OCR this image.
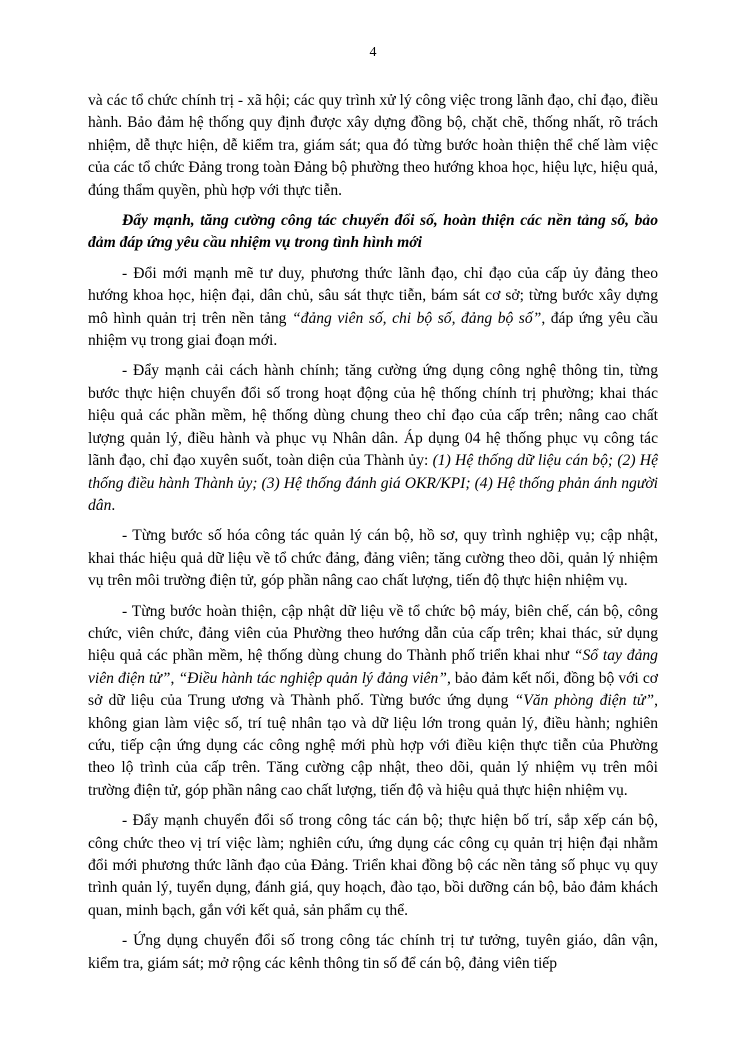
4

và các tổ chức chính trị - xã hội; các quy trình xử lý công việc trong lãnh đạo, chỉ đạo, điều hành. Bảo đảm hệ thống quy định được xây dựng đồng bộ, chặt chẽ, thống nhất, rõ trách nhiệm, dễ thực hiện, dễ kiểm tra, giám sát; qua đó từng bước hoàn thiện thể chế làm việc của các tổ chức Đảng trong toàn Đảng bộ phường theo hướng khoa học, hiệu lực, hiệu quả, đúng thẩm quyền, phù hợp với thực tiễn.

Đẩy mạnh, tăng cường công tác chuyển đổi số, hoàn thiện các nền tảng số, bảo đảm đáp ứng yêu cầu nhiệm vụ trong tình hình mới

- Đổi mới mạnh mẽ tư duy, phương thức lãnh đạo, chỉ đạo của cấp ủy đảng theo hướng khoa học, hiện đại, dân chủ, sâu sát thực tiễn, bám sát cơ sở; từng bước xây dựng mô hình quản trị trên nền tảng “đảng viên số, chi bộ số, đảng bộ số”, đáp ứng yêu cầu nhiệm vụ trong giai đoạn mới.

- Đẩy mạnh cải cách hành chính; tăng cường ứng dụng công nghệ thông tin, từng bước thực hiện chuyển đổi số trong hoạt động của hệ thống chính trị phường; khai thác hiệu quả các phần mềm, hệ thống dùng chung theo chỉ đạo của cấp trên; nâng cao chất lượng quản lý, điều hành và phục vụ Nhân dân. Áp dụng 04 hệ thống phục vụ công tác lãnh đạo, chỉ đạo xuyên suốt, toàn diện của Thành ủy: (1) Hệ thống dữ liệu cán bộ; (2) Hệ thống điều hành Thành ủy; (3) Hệ thống đánh giá OKR/KPI; (4) Hệ thống phản ánh người dân.

- Từng bước số hóa công tác quản lý cán bộ, hồ sơ, quy trình nghiệp vụ; cập nhật, khai thác hiệu quả dữ liệu về tổ chức đảng, đảng viên; tăng cường theo dõi, quản lý nhiệm vụ trên môi trường điện tử, góp phần nâng cao chất lượng, tiến độ thực hiện nhiệm vụ.

- Từng bước hoàn thiện, cập nhật dữ liệu về tổ chức bộ máy, biên chế, cán bộ, công chức, viên chức, đảng viên của Phường theo hướng dẫn của cấp trên; khai thác, sử dụng hiệu quả các phần mềm, hệ thống dùng chung do Thành phố triển khai như “Sổ tay đảng viên điện tử”, “Điều hành tác nghiệp quản lý đảng viên”, bảo đảm kết nối, đồng bộ với cơ sở dữ liệu của Trung ương và Thành phố. Từng bước ứng dụng “Văn phòng điện tử”, không gian làm việc số, trí tuệ nhân tạo và dữ liệu lớn trong quản lý, điều hành; nghiên cứu, tiếp cận ứng dụng các công nghệ mới phù hợp với điều kiện thực tiễn của Phường theo lộ trình của cấp trên. Tăng cường cập nhật, theo dõi, quản lý nhiệm vụ trên môi trường điện tử, góp phần nâng cao chất lượng, tiến độ và hiệu quả thực hiện nhiệm vụ.

- Đẩy mạnh chuyển đổi số trong công tác cán bộ; thực hiện bố trí, sắp xếp cán bộ, công chức theo vị trí việc làm; nghiên cứu, ứng dụng các công cụ quản trị hiện đại nhằm đổi mới phương thức lãnh đạo của Đảng. Triển khai đồng bộ các nền tảng số phục vụ quy trình quản lý, tuyển dụng, đánh giá, quy hoạch, đào tạo, bồi dưỡng cán bộ, bảo đảm khách quan, minh bạch, gắn với kết quả, sản phẩm cụ thể.

- Ứng dụng chuyển đổi số trong công tác chính trị tư tưởng, tuyên giáo, dân vận, kiểm tra, giám sát; mở rộng các kênh thông tin số để cán bộ, đảng viên tiếp
